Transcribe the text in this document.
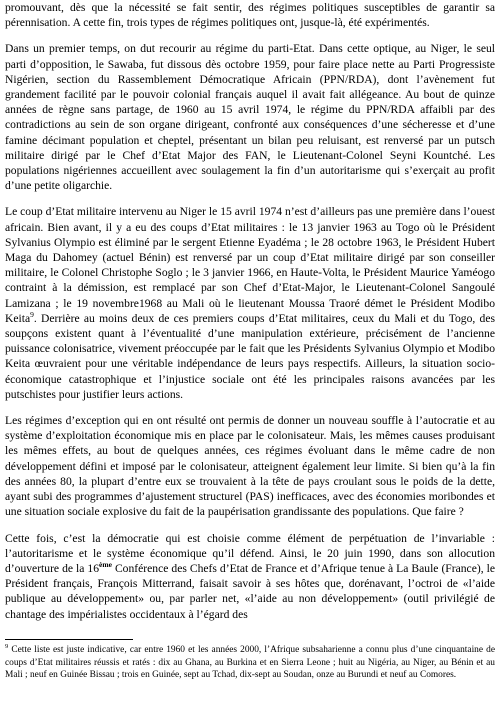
promouvant, dès que la nécessité se fait sentir, des régimes politiques susceptibles de garantir sa pérennisation. A cette fin, trois types de régimes politiques ont, jusque-là, été expérimentés.

Dans un premier temps, on dut recourir au régime du parti-Etat. Dans cette optique, au Niger, le seul parti d’opposition, le Sawaba, fut dissous dès octobre 1959, pour faire place nette au Parti Progressiste Nigérien, section du Rassemblement Démocratique Africain (PPN/RDA), dont l’avènement fut grandement facilité par le pouvoir colonial français auquel il avait fait allégeance. Au bout de quinze années de règne sans partage, de 1960 au 15 avril 1974, le régime du PPN/RDA affaibli par des contradictions au sein de son organe dirigeant, confronté aux conséquences d’une sécheresse et d’une famine décimant population et cheptel, présentant un bilan peu reluisant, est renversé par un putsch militaire dirigé par le Chef d’Etat Major des FAN, le Lieutenant-Colonel Seyni Kountché. Les populations nigériennes accueillent avec soulagement la fin d’un autoritarisme qui s’exerçait au profit d’une petite oligarchie.

Le coup d’Etat militaire intervenu au Niger le 15 avril 1974 n’est d’ailleurs pas une première dans l’ouest africain. Bien avant, il y a eu des coups d’Etat militaires : le 13 janvier 1963 au Togo où le Président Sylvanius Olympio est éliminé par le sergent Etienne Eyadéma ; le 28 octobre 1963, le Président Hubert Maga du Dahomey (actuel Bénin) est renversé par un coup d’Etat militaire dirigé par son conseiller militaire, le Colonel Christophe Soglo ; le 3 janvier 1966, en Haute-Volta, le Président Maurice Yaméogo contraint à la démission, est remplacé par son Chef d’Etat-Major, le Lieutenant-Colonel Sangoulé Lamizana ; le 19 novembre1968 au Mali où le lieutenant Moussa Traoré démet le Président Modibo Keita$^9$. Derrière au moins deux de ces premiers coups d’Etat militaires, ceux du Mali et du Togo, des soupçons existent quant à l’éventualité d’une manipulation extérieure, précisément de l’ancienne puissance colonisatrice, vivement préoccupée par le fait que les Présidents Sylvanius Olympio et Modibo Keita œuvraient pour une véritable indépendance de leurs pays respectifs. Ailleurs, la situation socio-économique catastrophique et l’injustice sociale ont été les principales raisons avancées par les putschistes pour justifier leurs actions.

Les régimes d’exception qui en ont résulté ont permis de donner un nouveau souffle à l’autocratie et au système d’exploitation économique mis en place par le colonisateur. Mais, les mêmes causes produisant les mêmes effets, au bout de quelques années, ces régimes évoluant dans le même cadre de non développement défini et imposé par le colonisateur, atteignent également leur limite. Si bien qu’à la fin des années 80, la plupart d’entre eux se trouvaient à la tête de pays croulant sous le poids de la dette, ayant subi des programmes d’ajustement structurel (PAS) inefficaces, avec des économies moribondes et une situation sociale explosive du fait de la paupérisation grandissante des populations. Que faire ?

Cette fois, c’est la démocratie qui est choisie comme élément de perpétuation de l’invariable : l’autoritarisme et le système économique qu’il défend. Ainsi, le 20 juin 1990, dans son allocution d’ouverture de la 16ème Conférence des Chefs d’Etat de France et d’Afrique tenue à La Baule (France), le Président français, François Mitterrand, faisait savoir à ses hôtes que, dorénavant, l’octroi de «l’aide publique au développement» ou, par parler net, «l’aide au non développement» (outil privilégié de chantage des impérialistes occidentaux à l’égard des

$^9$ Cette liste est juste indicative, car entre 1960 et les années 2000, l’Afrique subsaharienne a connu plus d’une cinquantaine de coups d’Etat militaires réussis et ratés : dix au Ghana, au Burkina et en Sierra Leone ; huit au Nigéria, au Niger, au Bénin et au Mali ; neuf en Guinée Bissau ; trois en Guinée, sept au Tchad, dix-sept au Soudan, onze au Burundi et neuf au Comores.
